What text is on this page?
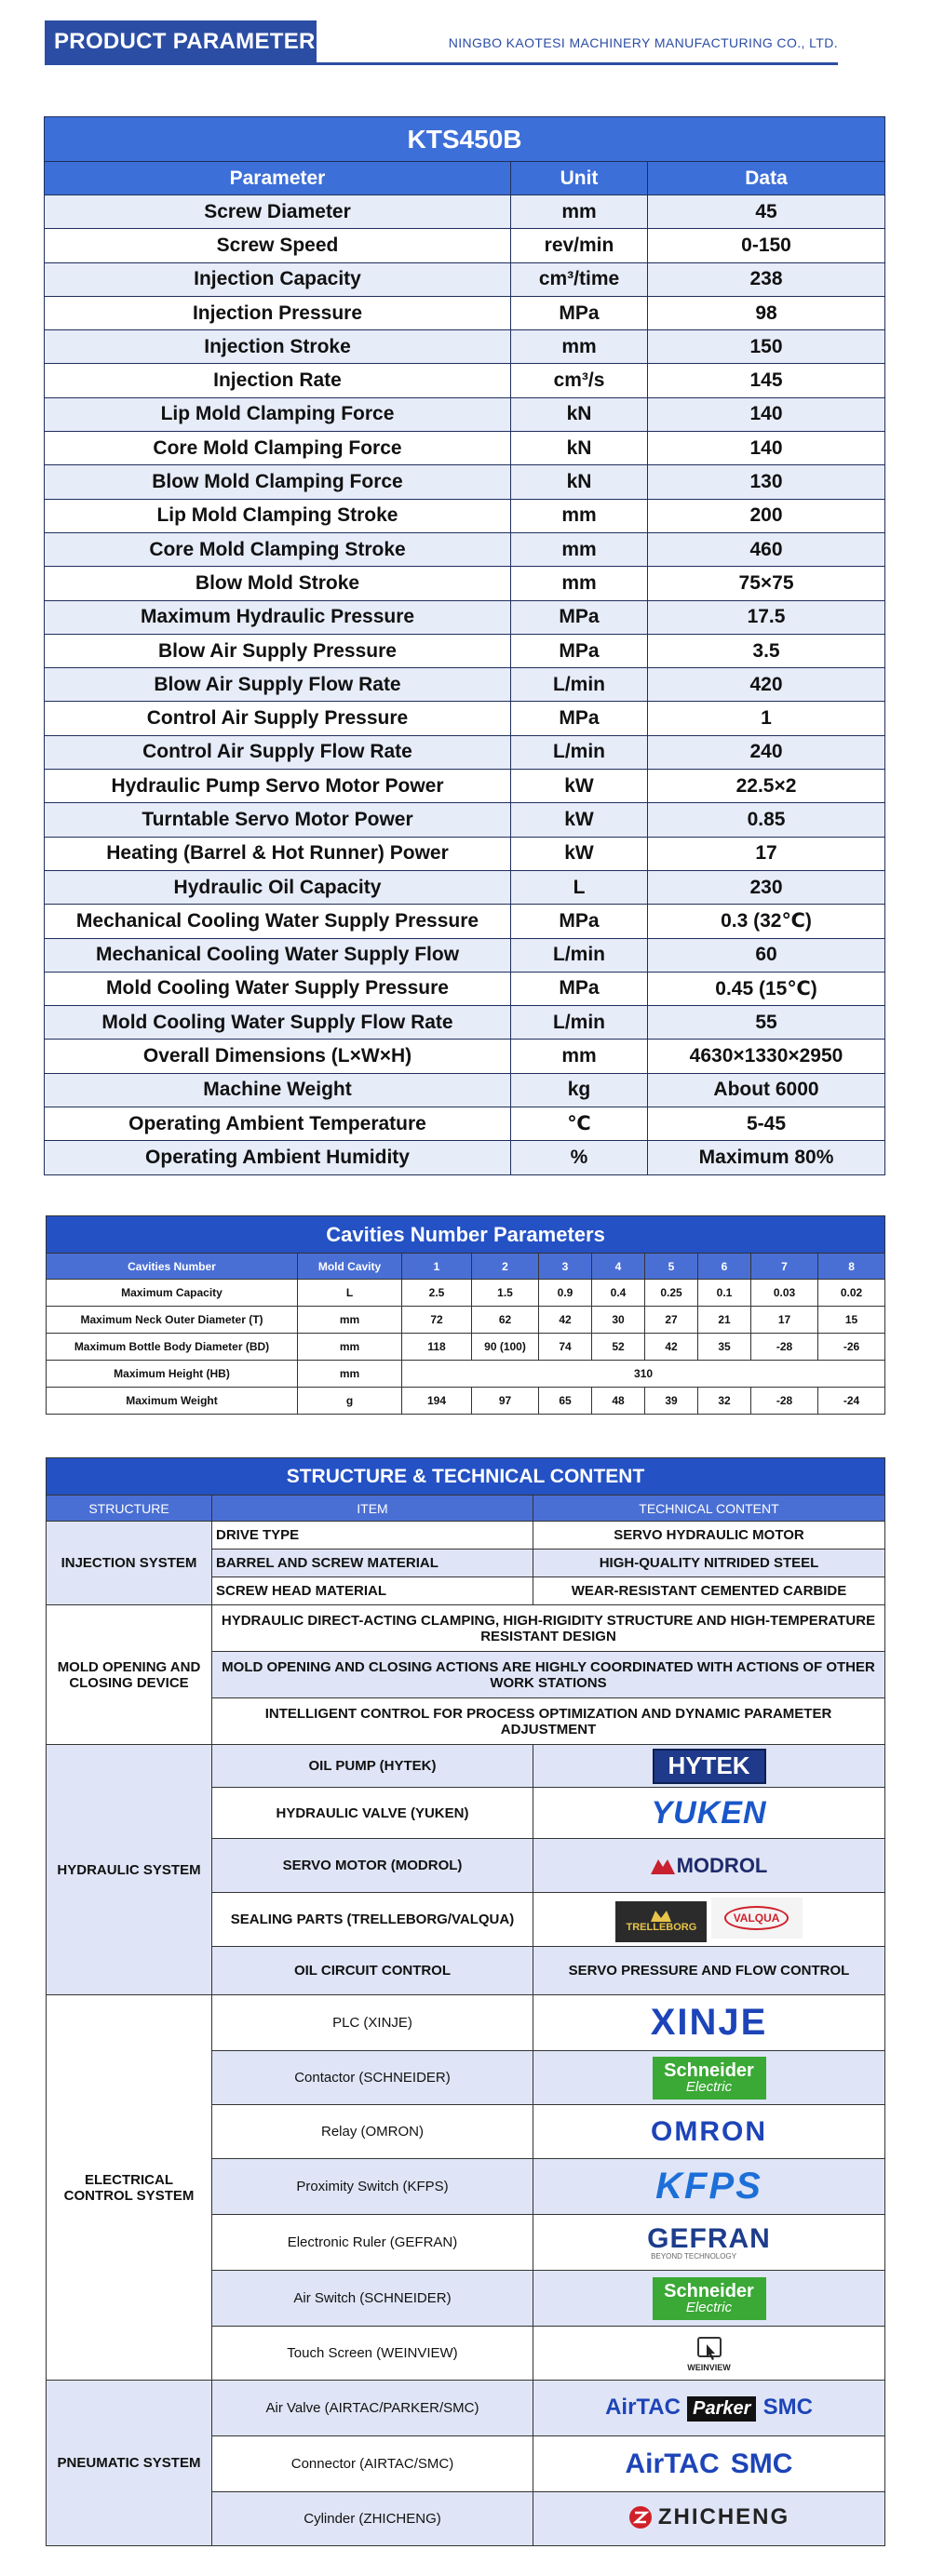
PRODUCT PARAMETER	NINGBO KAOTESI MACHINERY MANUFACTURING CO., LTD.
KTS450B		
Parameter	Unit	Data
Screw Diameter	mm	45
Screw Speed	rev/min	0-150
Injection Capacity	cm³/time	238
Injection Pressure	MPa	98
Injection Stroke	mm	150
Injection Rate	cm³/s	145
Lip Mold Clamping Force	kN	140
Core Mold Clamping Force	kN	140
Blow Mold Clamping Force	kN	130
Lip Mold Clamping Stroke	mm	200
Core Mold Clamping Stroke	mm	460
Blow Mold Stroke	mm	75×75
Maximum Hydraulic Pressure	MPa	17.5
Blow Air Supply Pressure	MPa	3.5
Blow Air Supply Flow Rate	L/min	420
Control Air Supply Pressure	MPa	1
Control Air Supply Flow Rate	L/min	240
Hydraulic Pump Servo Motor Power	kW	22.5×2
Turntable Servo Motor Power	kW	0.85
Heating (Barrel & Hot Runner) Power	kW	17
Hydraulic Oil Capacity	L	230
Mechanical Cooling Water Supply Pressure	MPa	0.3 (32℃)
Mechanical Cooling Water Supply Flow	L/min	60
Mold Cooling Water Supply Pressure	MPa	0.45 (15℃)
Mold Cooling Water Supply Flow Rate	L/min	55
Overall Dimensions (L×W×H)	mm	4630×1330×2950
Machine Weight	kg	About 6000
Operating Ambient Temperature	℃	5-45
Operating Ambient Humidity	%	Maximum 80%
Cavities Number Parameters									
Cavities Number	Mold Cavity	1	2	3	4	5	6	7	8
Maximum Capacity	L	2.5	1.5	0.9	0.4	0.25	0.1	0.03	0.02
Maximum Neck Outer Diameter (T)	mm	72	62	42	30	27	21	17	15
Maximum Bottle Body Diameter (BD)	mm	118	90 (100)	74	52	42	35	-28	-26
Maximum Height (HB)	mm	310							
Maximum Weight	g	194	97	65	48	39	32	-28	-24
STRUCTURE & TECHNICAL CONTENT		
STRUCTURE	ITEM	TECHNICAL CONTENT
INJECTION SYSTEM	DRIVE TYPE	SERVO HYDRAULIC MOTOR
	BARREL AND SCREW MATERIAL	HIGH-QUALITY NITRIDED STEEL
	SCREW HEAD MATERIAL	WEAR-RESISTANT CEMENTED CARBIDE
MOLD OPENING AND CLOSING DEVICE	HYDRAULIC DIRECT-ACTING CLAMPING, HIGH-RIGIDITY STRUCTURE AND HIGH-TEMPERATURE RESISTANT DESIGN	
	MOLD OPENING AND CLOSING ACTIONS ARE HIGHLY COORDINATED WITH ACTIONS OF OTHER WORK STATIONS	
	INTELLIGENT CONTROL FOR PROCESS OPTIMIZATION AND DYNAMIC PARAMETER ADJUSTMENT	
HYDRAULIC SYSTEM	OIL PUMP (HYTEK)	HYTEK

	HYDRAULIC VALVE (YUKEN)	YUKEN
	SERVO MOTOR (MODROL)	MODROL

	SEALING PARTS (TRELLEBORG/VALQUA)	TRELLEBORG

VALQUA

	OIL CIRCUIT CONTROL	SERVO PRESSURE AND FLOW CONTROL
ELECTRICAL CONTROL SYSTEM	PLC (XINJE)	XINJE
	Contactor (SCHNEIDER)	Schneider
Electric

	Relay (OMRON)	OMRON
	Proximity Switch (KFPS)	KFPS
	Electronic Ruler (GEFRAN)	GEFRAN
BEYOND TECHNOLOGY

	Air Switch (SCHNEIDER)	Schneider
Electric

	Touch Screen (WEINVIEW)	WEINVIEW

PNEUMATIC SYSTEM	Air Valve (AIRTAC/PARKER/SMC)	AirTAC Parker SMC
	Connector (AIRTAC/SMC)	AirTAC SMC
	Cylinder (ZHICHENG)	ZHICHENG
